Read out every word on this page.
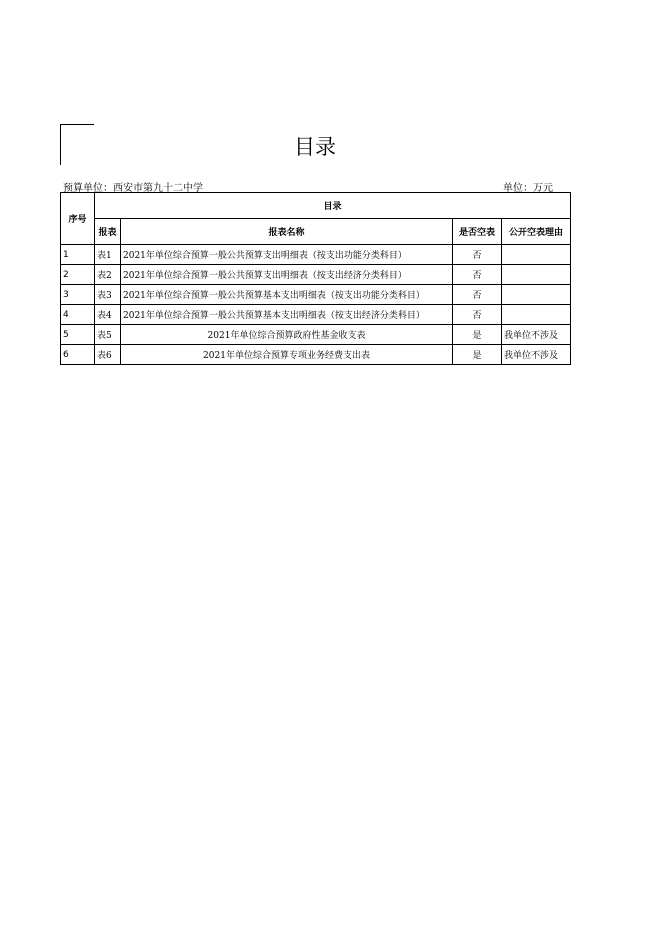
目录
预算单位：西安市第九十二中学	单位：万元
序号	目录			
	报表	报表名称	是否空表	公开空表理由
1	表1	2021年单位综合预算一般公共预算支出明细表（按支出功能分类科目）	否	
2	表2	2021年单位综合预算一般公共预算支出明细表（按支出经济分类科目）	否	
3	表3	2021年单位综合预算一般公共预算基本支出明细表（按支出功能分类科目）	否	
4	表4	2021年单位综合预算一般公共预算基本支出明细表（按支出经济分类科目）	否	
5	表5	2021年单位综合预算政府性基金收支表	是	我单位不涉及
6	表6	2021年单位综合预算专项业务经费支出表	是	我单位不涉及
